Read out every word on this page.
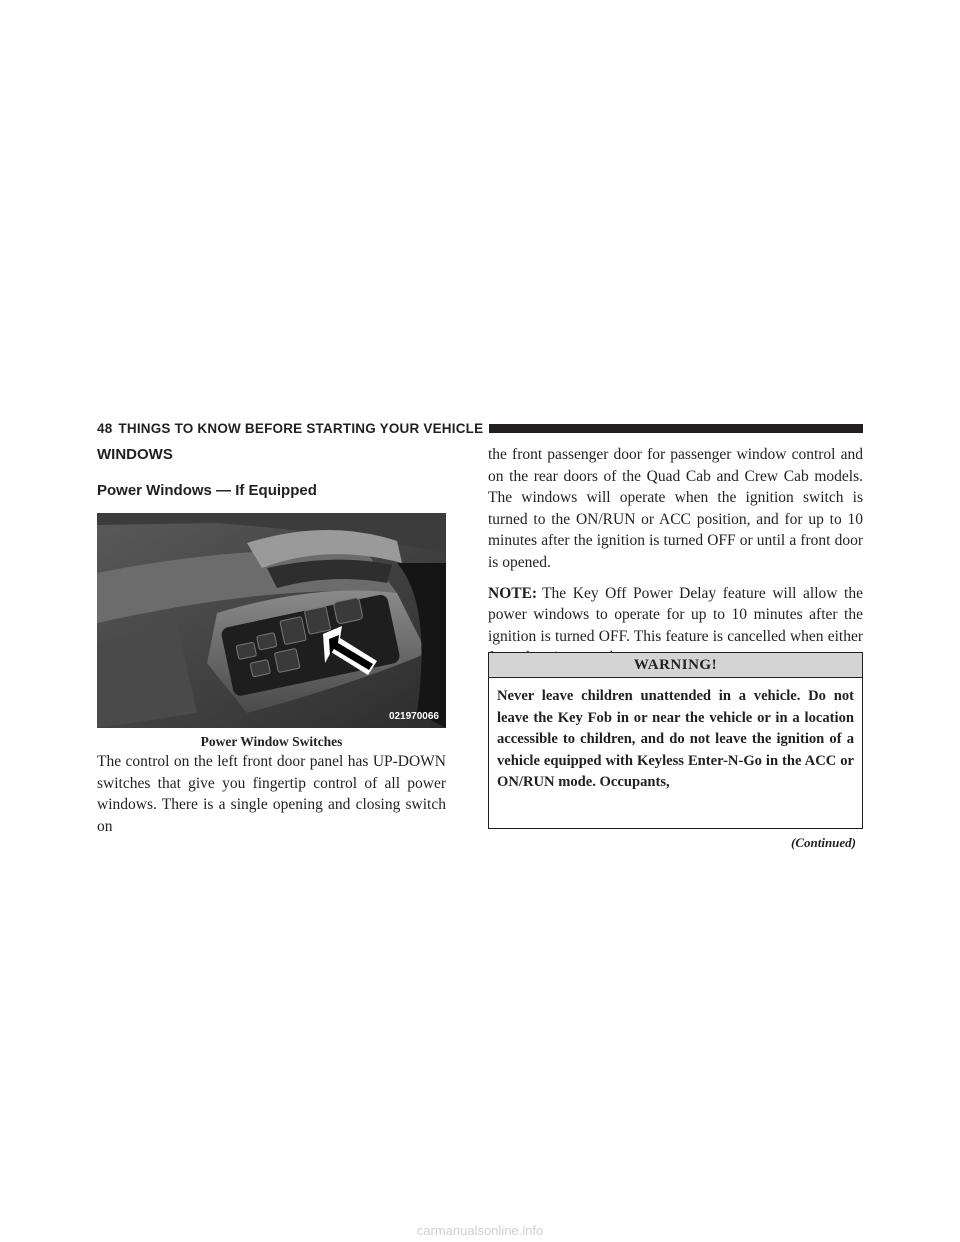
48 THINGS TO KNOW BEFORE STARTING YOUR VEHICLE
WINDOWS
Power Windows — If Equipped
021970066
Power Window Switches

The control on the left front door panel has UP-DOWN switches that give you fingertip control of all power windows. There is a single opening and closing switch on

the front passenger door for passenger window control and on the rear doors of the Quad Cab and Crew Cab models. The windows will operate when the ignition switch is turned to the ON/RUN or ACC position, and for up to 10 minutes after the ignition is turned OFF or until a front door is opened.

NOTE: The Key Off Power Delay feature will allow the power windows to operate for up to 10 minutes after the ignition is turned OFF. This feature is cancelled when either

WARNING!

Never leave children unattended in a vehicle. Do not leave the Key Fob in or near the vehicle or in a location accessible to children, and do not leave the ignition of a vehicle equipped with Keyless Enter-N-Go in the ACC or ON/RUN mode. Occupants,

(Continued)
carmanualsonline.info
